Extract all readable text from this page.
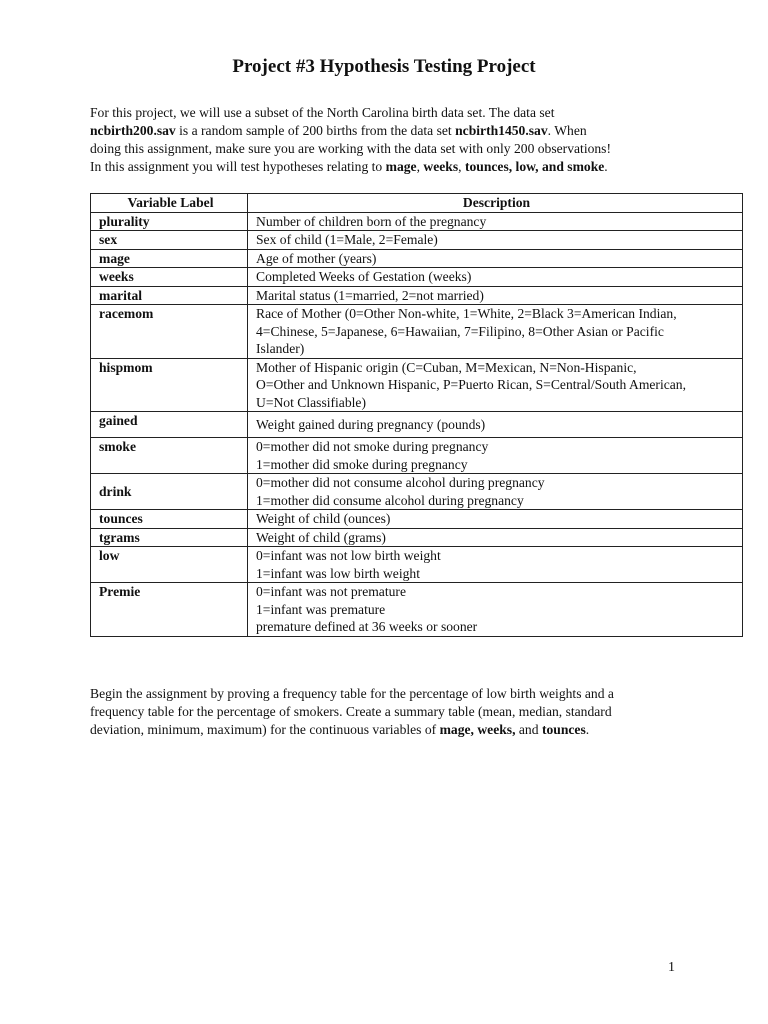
Project #3 Hypothesis Testing Project

For this project, we will use a subset of the North Carolina birth data set. The data set
ncbirth200.sav is a random sample of 200 births from the data set ncbirth1450.sav. When
doing this assignment, make sure you are working with the data set with only 200 observations!
In this assignment you will test hypotheses relating to mage, weeks, tounces, low, and smoke.

Variable Label	Description
plurality	Number of children born of the pregnancy

sex	Sex of child (1=Male, 2=Female)

mage	Age of mother (years)

weeks	Completed Weeks of Gestation (weeks)

marital	Marital status (1=married, 2=not married)

racemom	Race of Mother (0=Other Non-white, 1=White, 2=Black 3=American Indian,
4=Chinese, 5=Japanese, 6=Hawaiian, 7=Filipino, 8=Other Asian or Pacific
Islander)

hispmom	Mother of Hispanic origin (C=Cuban, M=Mexican, N=Non-Hispanic,
O=Other and Unknown Hispanic, P=Puerto Rican, S=Central/South American,
U=Not Classifiable)

gained	Weight gained during pregnancy (pounds)

smoke	0=mother did not smoke during pregnancy
1=mother did smoke during pregnancy

drink	0=mother did not consume alcohol during pregnancy
1=mother did consume alcohol during pregnancy

tounces	Weight of child (ounces)

tgrams	Weight of child (grams)

low	0=infant was not low birth weight
1=infant was low birth weight

Premie	0=infant was not premature
1=infant was premature
premature defined at 36 weeks or sooner

Begin the assignment by proving a frequency table for the percentage of low birth weights and a
frequency table for the percentage of smokers. Create a summary table (mean, median, standard
deviation, minimum, maximum) for the continuous variables of mage, weeks, and tounces.

1
